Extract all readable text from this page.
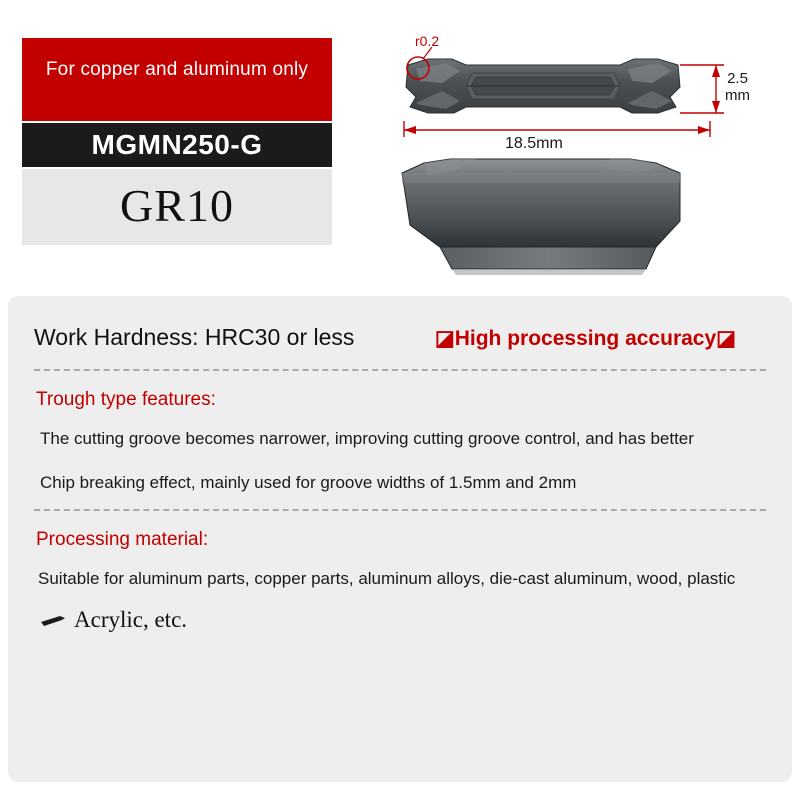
For copper and aluminum only
MGMN250-G
GR10
r0.2
18.5mm
2.5
mm
Work Hardness: HRC30 or less	◪High processing accuracy◪
Trough type features:
The cutting groove becomes narrower, improving cutting groove control, and has better
Chip breaking effect, mainly used for groove widths of 1.5mm and 2mm
Processing material:
Suitable for aluminum parts, copper parts, aluminum alloys, die-cast aluminum, wood, plastic
Acrylic, etc.
